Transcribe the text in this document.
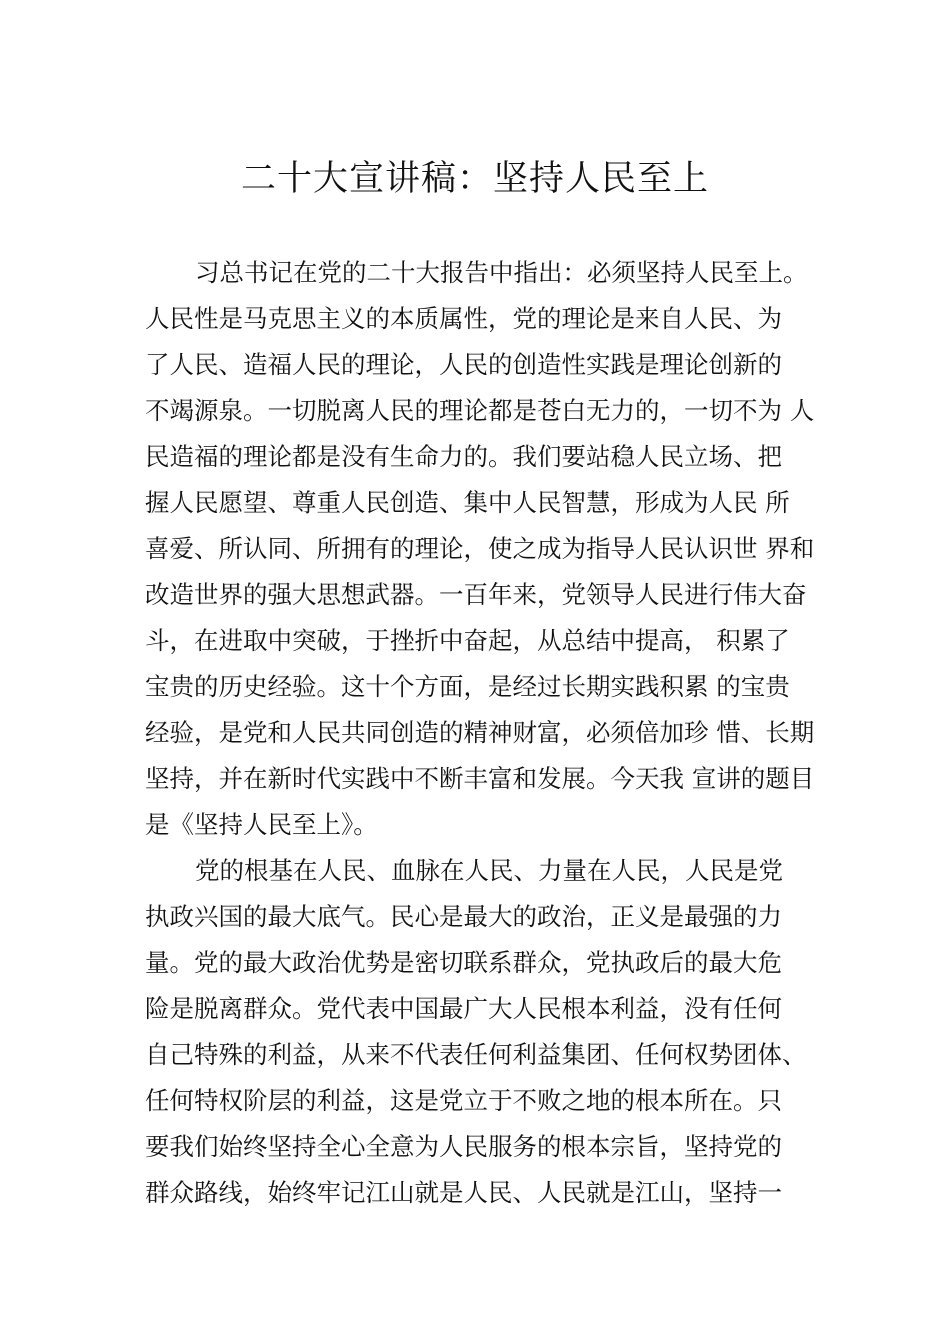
二十大宣讲稿：坚持人民至上
习总书记在党的二十大报告中指出：必须坚持人民至上。
人民性是马克思主义的本质属性，党的理论是来自人民、为
了人民、造福人民的理论，人民的创造性实践是理论创新的
不竭源泉。一切脱离人民的理论都是苍白无力的，一切不为 人
民造福的理论都是没有生命力的。我们要站稳人民立场、把
握人民愿望、尊重人民创造、集中人民智慧，形成为人民 所
喜爱、所认同、所拥有的理论，使之成为指导人民认识世 界和
改造世界的强大思想武器。一百年来，党领导人民进行伟大奋
斗，在进取中突破，于挫折中奋起，从总结中提高， 积累了
宝贵的历史经验。这十个方面，是经过长期实践积累 的宝贵
经验，是党和人民共同创造的精神财富，必须倍加珍 惜、长期
坚持，并在新时代实践中不断丰富和发展。今天我 宣讲的题目
是《坚持人民至上》。
党的根基在人民、血脉在人民、力量在人民，人民是党
执政兴国的最大底气。民心是最大的政治，正义是最强的力
量。党的最大政治优势是密切联系群众，党执政后的最大危
险是脱离群众。党代表中国最广大人民根本利益，没有任何
自己特殊的利益，从来不代表任何利益集团、任何权势团体、
任何特权阶层的利益，这是党立于不败之地的根本所在。只
要我们始终坚持全心全意为人民服务的根本宗旨，坚持党的
群众路线，始终牢记江山就是人民、人民就是江山，坚持一
